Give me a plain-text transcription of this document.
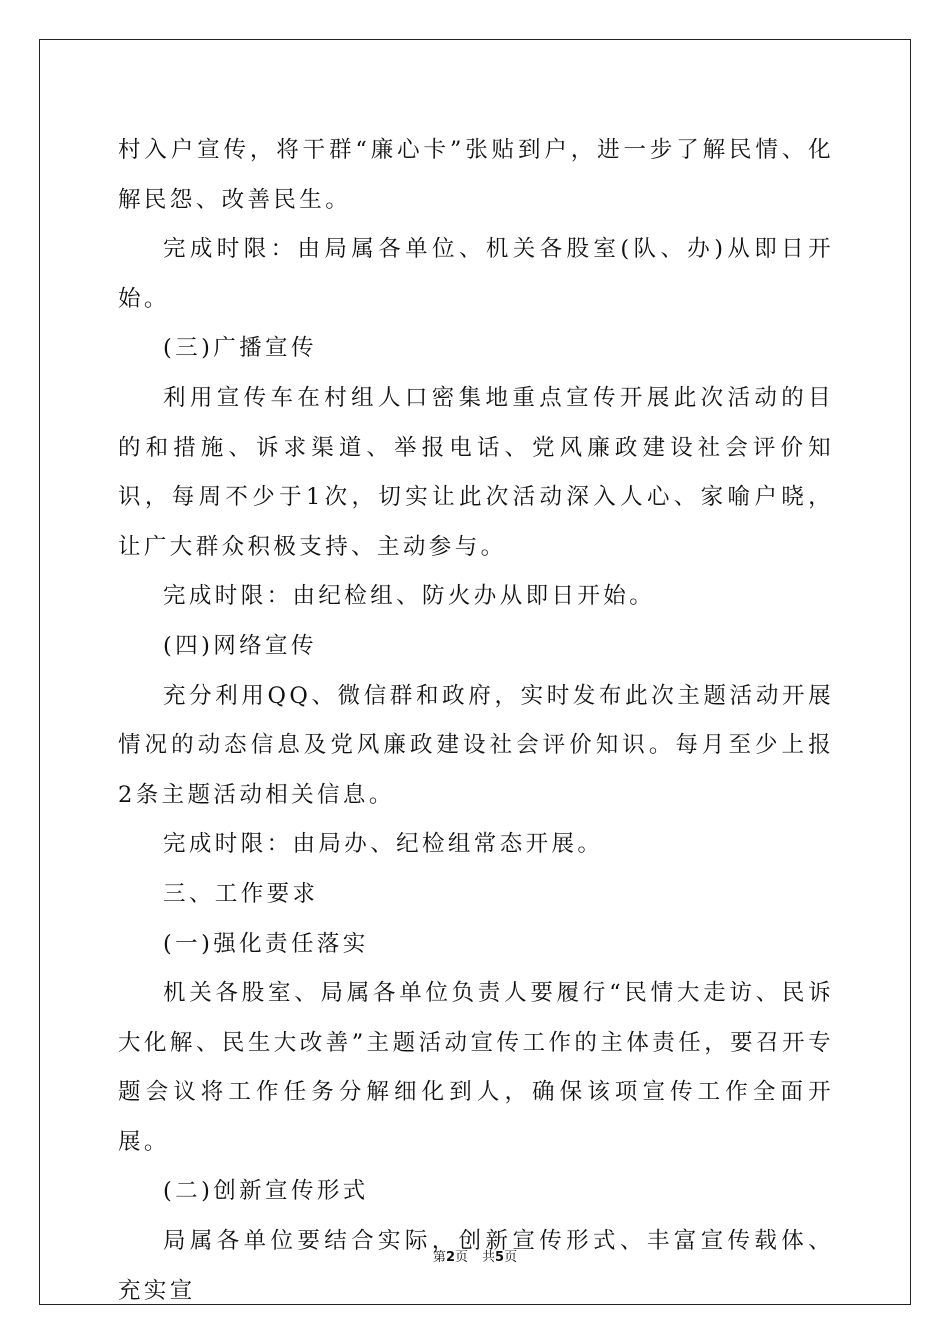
村入户宣传，将干群“廉心卡”张贴到户，进一步了解民情、化解民怨、改善民生。

完成时限：由局属各单位、机关各股室(队、办)从即日开始。

(三)广播宣传

利用宣传车在村组人口密集地重点宣传开展此次活动的目的和措施、诉求渠道、举报电话、党风廉政建设社会评价知识，每周不少于1次，切实让此次活动深入人心、家喻户晓，让广大群众积极支持、主动参与。

完成时限：由纪检组、防火办从即日开始。

(四)网络宣传

充分利用QQ、微信群和政府，实时发布此次主题活动开展情况的动态信息及党风廉政建设社会评价知识。每月至少上报2条主题活动相关信息。

完成时限：由局办、纪检组常态开展。

三、工作要求

(一)强化责任落实

机关各股室、局属各单位负责人要履行“民情大走访、民诉大化解、民生大改善”主题活动宣传工作的主体责任，要召开专题会议将工作任务分解细化到人，确保该项宣传工作全面开展。

(二)创新宣传形式

局属各单位要结合实际，创新宣传形式、丰富宣传载体、充实宣

第2页 共5页
